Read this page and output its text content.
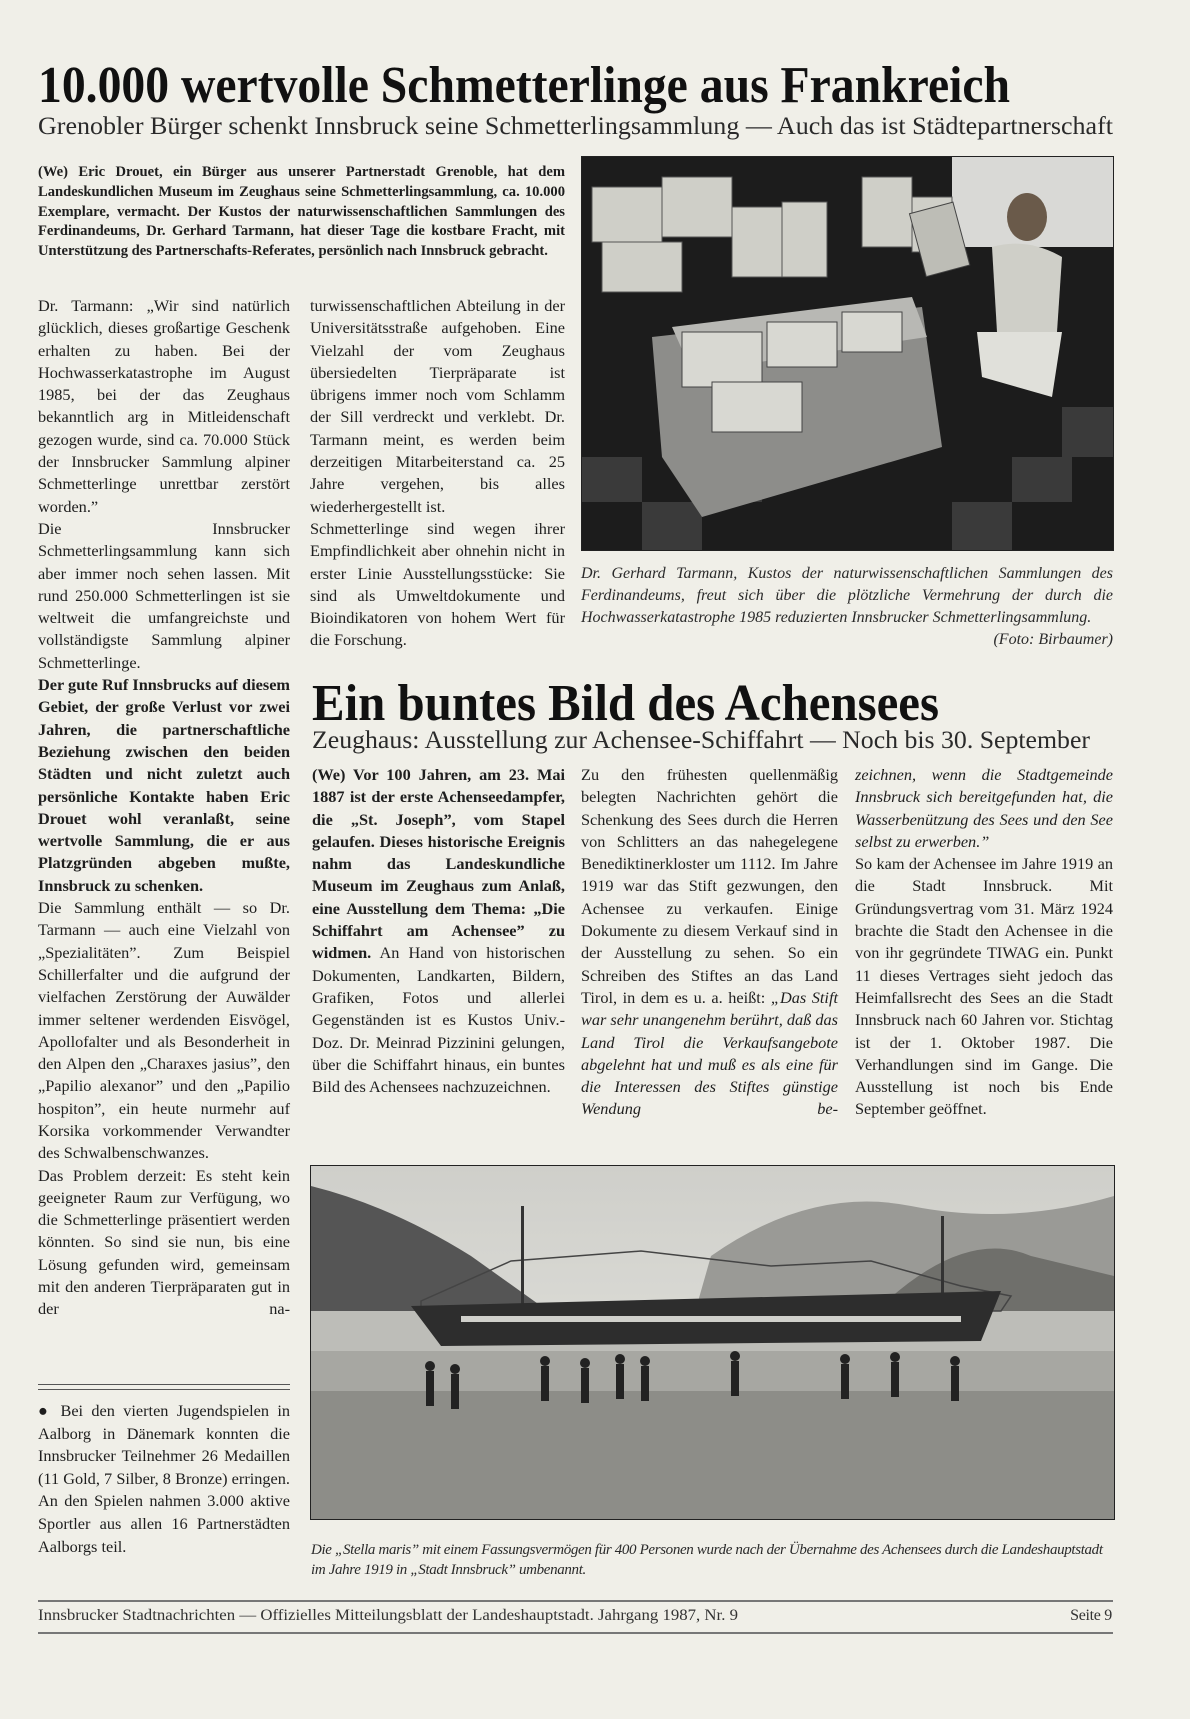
10.000 wertvolle Schmetterlinge aus Frankreich
Grenobler Bürger schenkt Innsbruck seine Schmetterlingsammlung — Auch das ist Städtepartnerschaft
(We) Eric Drouet, ein Bürger aus unserer Partnerstadt Grenoble, hat dem Landeskundlichen Museum im Zeughaus seine Schmetterlingsammlung, ca. 10.000 Exemplare, vermacht. Der Kustos der naturwissenschaftlichen Sammlungen des Ferdinandeums, Dr. Gerhard Tarmann, hat dieser Tage die kostbare Fracht, mit Unterstützung des Partnerschafts-Referates, persönlich nach Innsbruck gebracht.
Dr. Gerhard Tarmann, Kustos der naturwissenschaftlichen Sammlungen des Ferdinandeums, freut sich über die plötzliche Vermehrung der durch die Hochwasserkatastrophe 1985 reduzierten Innsbrucker Schmetterlingsammlung.
(Foto: Birbaumer)

Dr. Tarmann: „Wir sind natürlich glücklich, dieses großartige Geschenk erhalten zu haben. Bei der Hochwasserkatastrophe im August 1985, bei der das Zeughaus bekanntlich arg in Mitleidenschaft gezogen wurde, sind ca. 70.000 Stück der Innsbrucker Sammlung alpiner Schmetterlinge unrettbar zerstört worden.”

Die Innsbrucker Schmetterlingsammlung kann sich aber immer noch sehen lassen. Mit rund 250.000 Schmetterlingen ist sie weltweit die umfangreichste und vollständigste Sammlung alpiner Schmetterlinge.

Der gute Ruf Innsbrucks auf diesem Gebiet, der große Verlust vor zwei Jahren, die partnerschaftliche Beziehung zwischen den beiden Städten und nicht zuletzt auch persönliche Kontakte haben Eric Drouet wohl veranlaßt, seine wertvolle Sammlung, die er aus Platzgründen abgeben mußte, Innsbruck zu schenken.

Die Sammlung enthält — so Dr. Tarmann — auch eine Vielzahl von „Spezialitäten”. Zum Beispiel Schillerfalter und die aufgrund der vielfachen Zerstörung der Auwälder immer seltener werdenden Eisvögel, Apollofalter und als Besonderheit in den Alpen den „Charaxes jasius”, den „Papilio alexanor” und den „Papilio hospiton”, ein heute nurmehr auf Korsika vorkommender Verwandter des Schwalbenschwanzes.

Das Problem derzeit: Es steht kein geeigneter Raum zur Verfügung, wo die Schmetterlinge präsentiert werden könnten. So sind sie nun, bis eine Lösung gefunden wird, gemeinsam mit den anderen Tierpräparaten gut in der na-

turwissenschaftlichen Abteilung in der Universitätsstraße aufgehoben. Eine Vielzahl der vom Zeughaus übersiedelten Tierpräparate ist übrigens immer noch vom Schlamm der Sill verdreckt und verklebt. Dr. Tarmann meint, es werden beim derzeitigen Mitarbeiterstand ca. 25 Jahre vergehen, bis alles wiederhergestellt ist.

Schmetterlinge sind wegen ihrer Empfindlichkeit aber ohnehin nicht in erster Linie Ausstellungsstücke: Sie sind als Umweltdokumente und Bioindikatoren von hohem Wert für die Forschung.

● Bei den vierten Jugendspielen in Aalborg in Dänemark konnten die Innsbrucker Teilnehmer 26 Medaillen (11 Gold, 7 Silber, 8 Bronze) erringen. An den Spielen nahmen 3.000 aktive Sportler aus allen 16 Partnerstädten Aalborgs teil.

Ein buntes Bild des Achensees
Zeughaus: Ausstellung zur Achensee-Schiffahrt — Noch bis 30. September

(We) Vor 100 Jahren, am 23. Mai 1887 ist der erste Achenseedampfer, die „St. Joseph”, vom Stapel gelaufen. Dieses historische Ereignis nahm das Landeskundliche Museum im Zeughaus zum Anlaß, eine Ausstellung dem Thema: „Die Schiffahrt am Achensee” zu widmen. An Hand von historischen Dokumenten, Landkarten, Bildern, Grafiken, Fotos und allerlei Gegenständen ist es Kustos Univ.-Doz. Dr. Meinrad Pizzinini gelungen, über die Schiffahrt hinaus, ein buntes Bild des Achensees nachzuzeichnen.

Zu den frühesten quellenmäßig belegten Nachrichten gehört die Schenkung des Sees durch die Herren von Schlitters an das nahegelegene Benediktinerkloster um 1112. Im Jahre 1919 war das Stift gezwungen, den Achensee zu verkaufen. Einige Dokumente zu diesem Verkauf sind in der Ausstellung zu sehen. So ein Schreiben des Stiftes an das Land Tirol, in dem es u. a. heißt: „Das Stift war sehr unangenehm berührt, daß das Land Tirol die Verkaufsangebote abgelehnt hat und muß es als eine für die Interessen des Stiftes günstige Wendung be-

zeichnen, wenn die Stadtgemeinde Innsbruck sich bereitgefunden hat, die Wasserbenützung des Sees und den See selbst zu erwerben.”

So kam der Achensee im Jahre 1919 an die Stadt Innsbruck. Mit Gründungsvertrag vom 31. März 1924 brachte die Stadt den Achensee in die von ihr gegründete TIWAG ein. Punkt 11 dieses Vertrages sieht jedoch das Heimfallsrecht des Sees an die Stadt Innsbruck nach 60 Jahren vor. Stichtag ist der 1. Oktober 1987. Die Verhandlungen sind im Gange. Die Ausstellung ist noch bis Ende September geöffnet.

Die „Stella maris” mit einem Fassungsvermögen für 400 Personen wurde nach der Übernahme des Achensees durch die Landeshauptstadt im Jahre 1919 in „Stadt Innsbruck” umbenannt.
Innsbrucker Stadtnachrichten — Offizielles Mitteilungsblatt der Landeshauptstadt. Jahrgang 1987, Nr. 9	Seite 9
